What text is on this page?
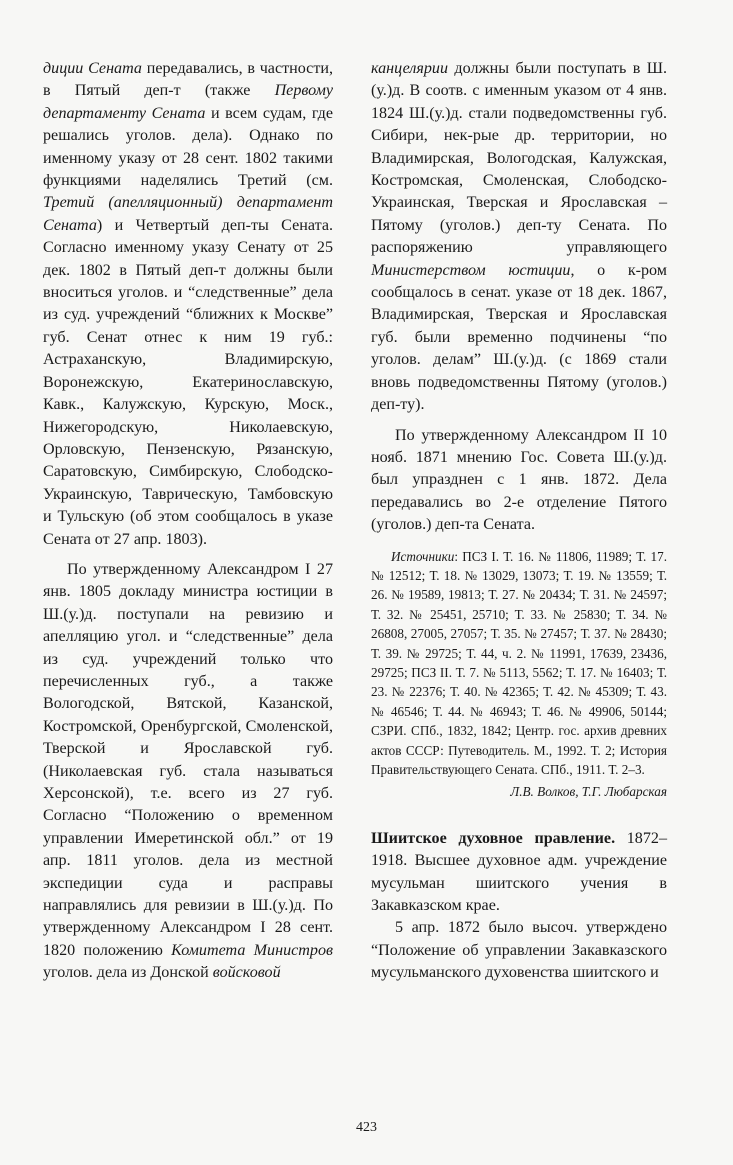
диции Сената передавались, в частности, в Пятый деп-т (также Первому департаменту Сената и всем судам, где решались уголов. дела). Однако по именному указу от 28 сент. 1802 такими функциями наделялись Третий (см. Третий (апелляционный) департамент Сената) и Четвертый деп-ты Сената. Согласно именному указу Сенату от 25 дек. 1802 в Пятый деп-т должны были вноситься уголов. и “следственные” дела из суд. учреждений “ближних к Москве” губ. Сенат отнес к ним 19 губ.: Астраханскую, Владимирскую, Воронежскую, Екатеринославскую, Кавк., Калужскую, Курскую, Моск., Нижегородскую, Николаевскую, Орловскую, Пензенскую, Рязанскую, Саратовскую, Симбирскую, Слободско-Украинскую, Таврическую, Тамбовскую и Тульскую (об этом сообщалось в указе Сената от 27 апр. 1803).

По утвержденному Александром I 27 янв. 1805 докладу министра юстиции в Ш.(у.)д. поступали на ревизию и апелляцию угол. и “следственные” дела из суд. учреждений только что перечисленных губ., а также Вологодской, Вятской, Казанской, Костромской, Оренбургской, Смоленской, Тверской и Ярославской губ. (Николаевская губ. стала называться Херсонской), т.е. всего из 27 губ. Согласно “Положению о временном управлении Имеретинской обл.” от 19 апр. 1811 уголов. дела из местной экспедиции суда и расправы направлялись для ревизии в Ш.(у.)д. По утвержденному Александром I 28 сент. 1820 положению Комитета Министров уголов. дела из Донской войсковой

канцелярии должны были поступать в Ш.(у.)д. В соотв. с именным указом от 4 янв. 1824 Ш.(у.)д. стали подведомственны губ. Сибири, нек-рые др. территории, но Владимирская, Вологодская, Калужская, Костромская, Смоленская, Слободско-Украинская, Тверская и Ярославская – Пятому (уголов.) деп-ту Сената. По распоряжению управляющего Министерством юстиции, о к-ром сообщалось в сенат. указе от 18 дек. 1867, Владимирская, Тверская и Ярославская губ. были временно подчинены “по уголов. делам” Ш.(у.)д. (с 1869 стали вновь подведомственны Пятому (уголов.) деп-ту).

По утвержденному Александром II 10 нояб. 1871 мнению Гос. Совета Ш.(у.)д. был упразднен с 1 янв. 1872. Дела передавались во 2-е отделение Пятого (уголов.) деп-та Сената.

Источники: ПСЗ I. Т. 16. № 11806, 11989; Т. 17. № 12512; Т. 18. № 13029, 13073; Т. 19. № 13559; Т. 26. № 19589, 19813; Т. 27. № 20434; Т. 31. № 24597; Т. 32. № 25451, 25710; Т. 33. № 25830; Т. 34. № 26808, 27005, 27057; Т. 35. № 27457; Т. 37. № 28430; Т. 39. № 29725; Т. 44, ч. 2. № 11991, 17639, 23436, 29725; ПСЗ II. Т. 7. № 5113, 5562; Т. 17. № 16403; Т. 23. № 22376; Т. 40. № 42365; Т. 42. № 45309; Т. 43. № 46546; Т. 44. № 46943; Т. 46. № 49906, 50144; СЗРИ. СПб., 1832, 1842; Центр. гос. архив древних актов СССР: Путеводитель. М., 1992. Т. 2; История Правительствующего Сената. СПб., 1911. Т. 2–3.

Л.В. Волков, Т.Г. Любарская

Шиитское духовное правление. 1872–1918. Высшее духовное адм. учреждение мусульман шиитского учения в Закавказском крае.

5 апр. 1872 было высоч. утверждено “Положение об управлении Закавказского мусульманского духовенства шиитского и

423
